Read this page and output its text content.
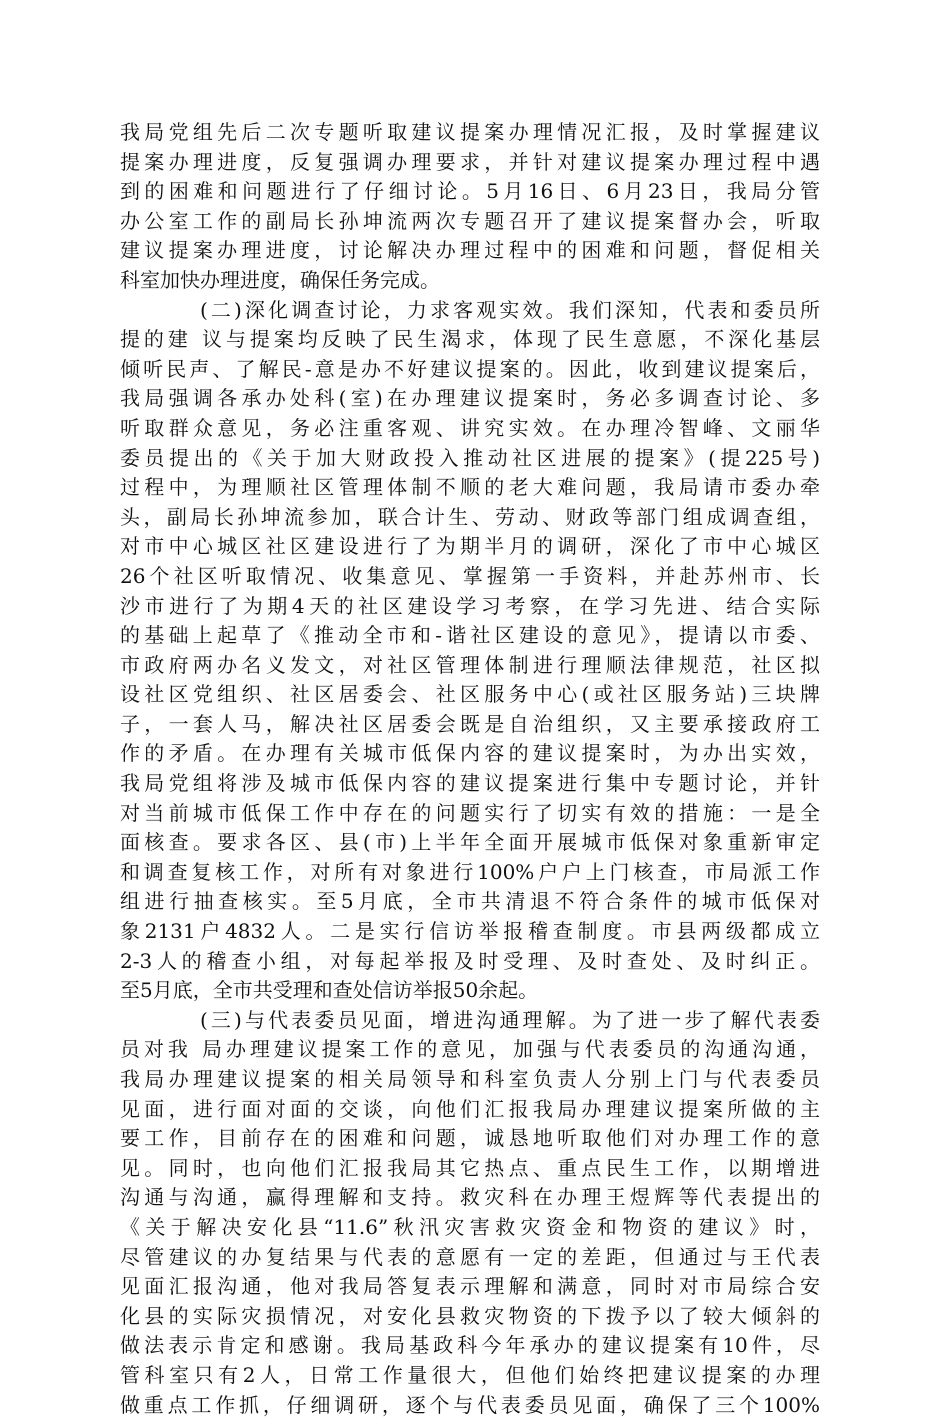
我局党组先后二次专题听取建议提案办理情况汇报，及时掌握建议
提案办理进度，反复强调办理要求，并针对建议提案办理过程中遇
到的困难和问题进行了仔细讨论。5月16日、6月23日，我局分管
办公室工作的副局长孙坤流两次专题召开了建议提案督办会，听取
建议提案办理进度，讨论解决办理过程中的困难和问题，督促相关
科室加快办理进度，确保任务完成。
(二)深化调查讨论，力求客观实效。我们深知，代表和委员所
提的建 议与提案均反映了民生渴求，体现了民生意愿，不深化基层
倾听民声、了解民-意是办不好建议提案的。因此，收到建议提案后，
我局强调各承办处科(室)在办理建议提案时，务必多调查讨论、多
听取群众意见，务必注重客观、讲究实效。在办理冷智峰、文丽华
委员提出的《关于加大财政投入推动社区进展的提案》(提225号)
过程中，为理顺社区管理体制不顺的老大难问题，我局请市委办牵
头，副局长孙坤流参加，联合计生、劳动、财政等部门组成调查组，
对市中心城区社区建设进行了为期半月的调研，深化了市中心城区
26个社区听取情况、收集意见、掌握第一手资料，并赴苏州市、长
沙市进行了为期4天的社区建设学习考察，在学习先进、结合实际
的基础上起草了《推动全市和-谐社区建设的意见》，提请以市委、
市政府两办名义发文，对社区管理体制进行理顺法律规范，社区拟
设社区党组织、社区居委会、社区服务中心(或社区服务站)三块牌
子，一套人马，解决社区居委会既是自治组织，又主要承接政府工
作的矛盾。在办理有关城市低保内容的建议提案时，为办出实效，
我局党组将涉及城市低保内容的建议提案进行集中专题讨论，并针
对当前城市低保工作中存在的问题实行了切实有效的措施：一是全
面核查。要求各区、县(市)上半年全面开展城市低保对象重新审定
和调查复核工作，对所有对象进行100%户户上门核查，市局派工作
组进行抽查核实。至5月底，全市共清退不符合条件的城市低保对
象2131户4832人。二是实行信访举报稽查制度。市县两级都成立
2-3人的稽查小组，对每起举报及时受理、及时查处、及时纠正。
至5月底，全市共受理和查处信访举报50余起。
(三)与代表委员见面，增进沟通理解。为了进一步了解代表委
员对我 局办理建议提案工作的意见，加强与代表委员的沟通沟通，
我局办理建议提案的相关局领导和科室负责人分别上门与代表委员
见面，进行面对面的交谈，向他们汇报我局办理建议提案所做的主
要工作，目前存在的困难和问题，诚恳地听取他们对办理工作的意
见。同时，也向他们汇报我局其它热点、重点民生工作，以期增进
沟通与沟通，赢得理解和支持。救灾科在办理王煜辉等代表提出的
《关于解决安化县“11.6”秋汛灾害救灾资金和物资的建议》时，
尽管建议的办复结果与代表的意愿有一定的差距，但通过与王代表
见面汇报沟通，他对我局答复表示理解和满意，同时对市局综合安
化县的实际灾损情况，对安化县救灾物资的下拨予以了较大倾斜的
做法表示肯定和感谢。我局基政科今年承办的建议提案有10件，尽
管科室只有2人，日常工作量很大，但他们始终把建议提案的办理
做重点工作抓，仔细调研，逐个与代表委员见面，确保了三个100%
